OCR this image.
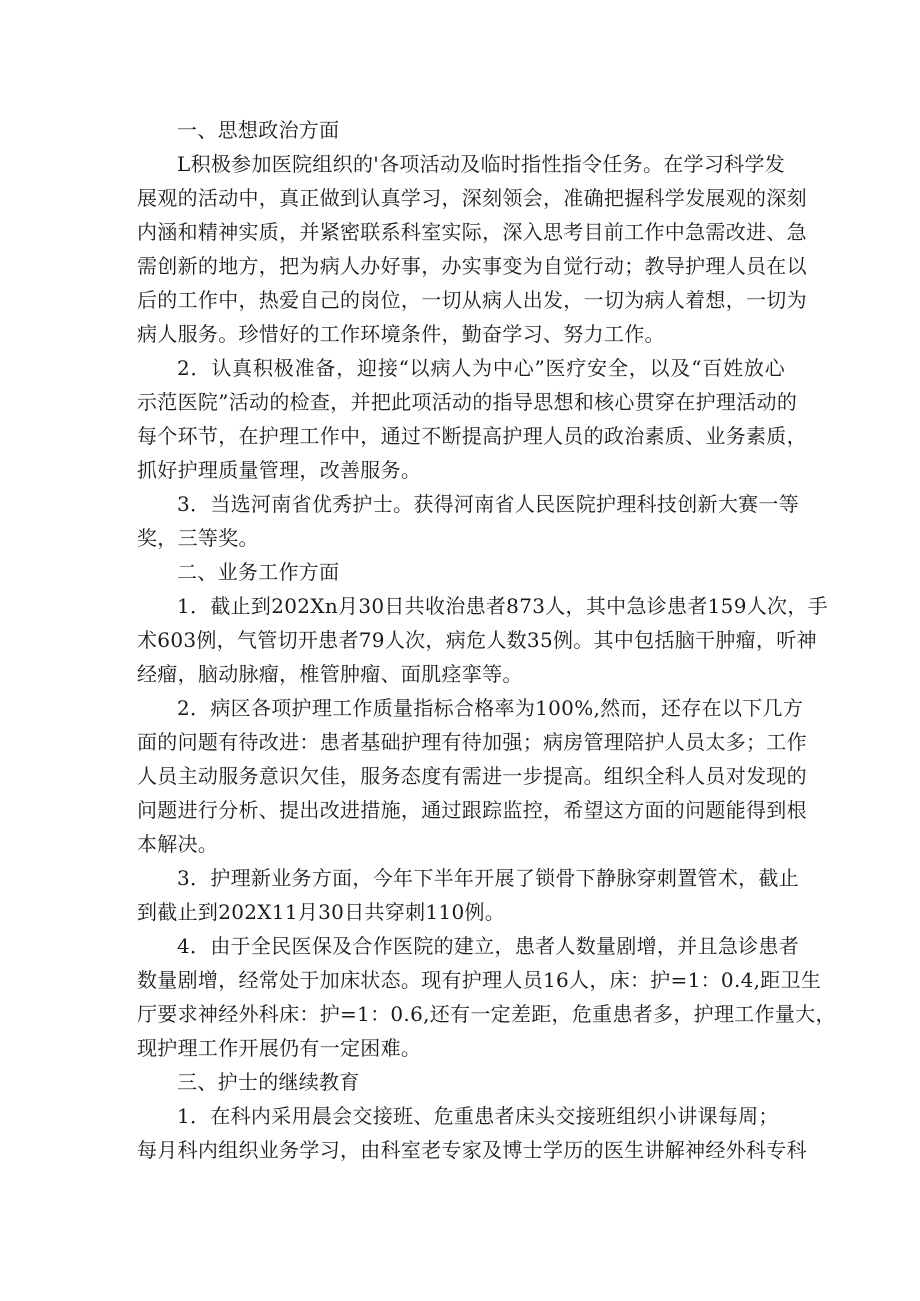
一、思想政治方面
L积极参加医院组织的'各项活动及临时指性指令任务。在学习科学发
展观的活动中，真正做到认真学习，深刻领会，准确把握科学发展观的深刻
内涵和精神实质，并紧密联系科室实际，深入思考目前工作中急需改进、急
需创新的地方，把为病人办好事，办实事变为自觉行动；教导护理人员在以
后的工作中，热爱自己的岗位，一切从病人出发，一切为病人着想，一切为
病人服务。珍惜好的工作环境条件，勤奋学习、努力工作。
2．认真积极准备，迎接“以病人为中心”医疗安全，以及“百姓放心
示范医院”活动的检查，并把此项活动的指导思想和核心贯穿在护理活动的
每个环节，在护理工作中，通过不断提高护理人员的政治素质、业务素质，
抓好护理质量管理，改善服务。
3．当选河南省优秀护士。获得河南省人民医院护理科技创新大赛一等
奖，三等奖。
二、业务工作方面
1．截止到202Xn月30日共收治患者873人，其中急诊患者159人次，手
术603例，气管切开患者79人次，病危人数35例。其中包括脑干肿瘤，听神
经瘤，脑动脉瘤，椎管肿瘤、面肌痉挛等。
2．病区各项护理工作质量指标合格率为100%,然而，还存在以下几方
面的问题有待改进：患者基础护理有待加强；病房管理陪护人员太多；工作
人员主动服务意识欠佳，服务态度有需进一步提高。组织全科人员对发现的
问题进行分析、提出改进措施，通过跟踪监控，希望这方面的问题能得到根
本解决。
3．护理新业务方面，今年下半年开展了锁骨下静脉穿刺置管术，截止
到截止到202X11月30日共穿刺110例。
4．由于全民医保及合作医院的建立，患者人数量剧增，并且急诊患者
数量剧增，经常处于加床状态。现有护理人员16人，床：护=1：0.4,距卫生
厅要求神经外科床：护=1：0.6,还有一定差距，危重患者多，护理工作量大，
现护理工作开展仍有一定困难。
三、护士的继续教育
1．在科内采用晨会交接班、危重患者床头交接班组织小讲课每周；
每月科内组织业务学习，由科室老专家及博士学历的医生讲解神经外科专科
